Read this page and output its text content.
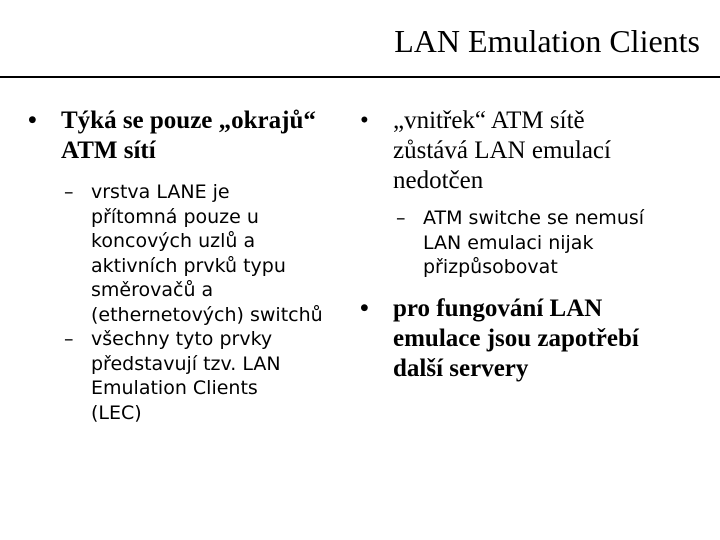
LAN Emulation Clients
• Týká se pouze „okrajů“
ATM sítí
– vrstva LANE je
přítomná pouze u
koncových uzlů a
aktivních prvků typu
směrovačů a
(ethernetových) switchů
– všechny tyto prvky
představují tzv. LAN
Emulation Clients
(LEC)
• „vnitřek“ ATM sítě
zůstává LAN emulací
nedotčen
– ATM switche se nemusí
LAN emulaci nijak
přizpůsobovat
• pro fungování LAN
emulace jsou zapotřebí
další servery
